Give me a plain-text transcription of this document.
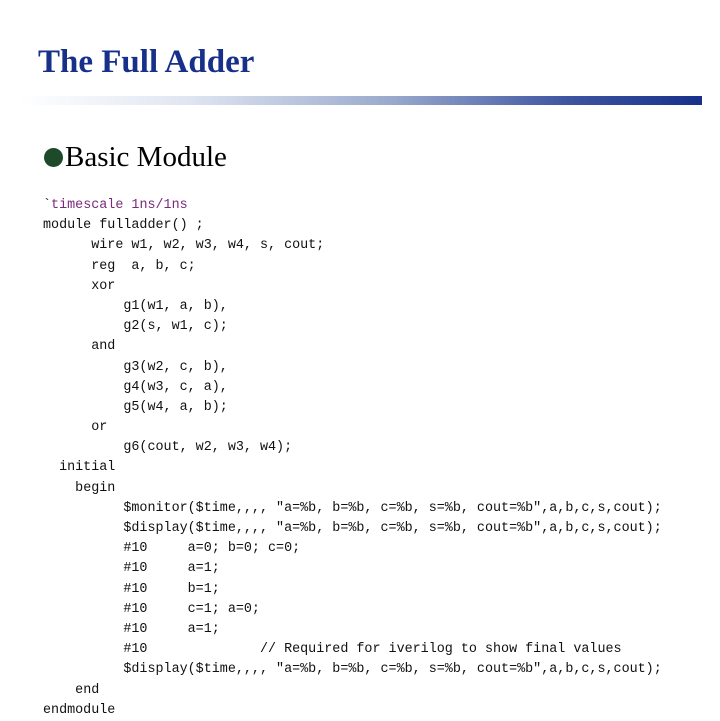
The Full Adder
Basic Module
`timescale 1ns/1ns
module fulladder() ;
wire w1, w2, w3, w4, s, cout;
reg  a, b, c;
xor
g1(w1, a, b),
g2(s, w1, c);
and
g3(w2, c, b),
g4(w3, c, a),
g5(w4, a, b);
or
g6(cout, w2, w3, w4);
initial
begin
$monitor($time,,,, "a=%b, b=%b, c=%b, s=%b, cout=%b",a,b,c,s,cout);
$display($time,,,, "a=%b, b=%b, c=%b, s=%b, cout=%b",a,b,c,s,cout);
#10     a=0; b=0; c=0;
#10     a=1;
#10     b=1;
#10     c=1; a=0;
#10     a=1;
#10              // Required for iverilog to show final values
$display($time,,,, "a=%b, b=%b, c=%b, s=%b, cout=%b",a,b,c,s,cout);
end
endmodule
